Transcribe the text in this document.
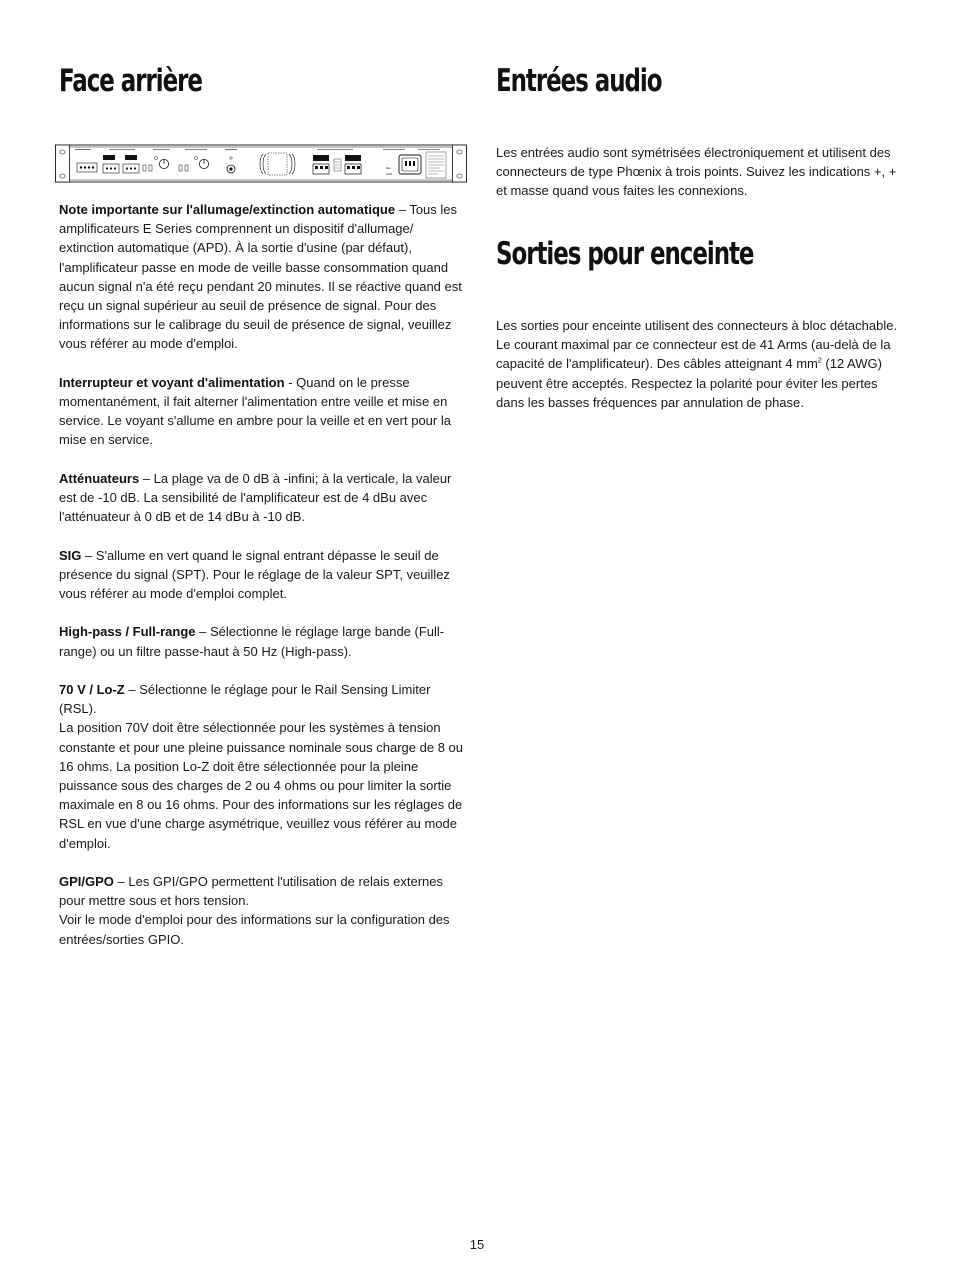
Face arrière
Rev.
Volts

Note importante sur l'allumage/extinction automatique – Tous les amplificateurs E Series comprennent un dispositif d'allumage/ extinction automatique (APD). À la sortie d'usine (par défaut), l'amplificateur passe en mode de veille basse consommation quand aucun signal n'a été reçu pendant 20 minutes. Il se réactive quand est reçu un signal supérieur au seuil de présence de signal. Pour des informations sur le calibrage du seuil de présence de signal, veuillez vous référer au mode d'emploi.

Interrupteur et voyant d'alimentation - Quand on le presse momentanément, il fait alterner l'alimentation entre veille et mise en service. Le voyant s'allume en ambre pour la veille et en vert pour la mise en service.

Atténuateurs – La plage va de 0 dB à -infini; à la verticale, la valeur est de -10 dB. La sensibilité de l'amplificateur est de 4 dBu avec l'atténuateur à 0 dB et de 14 dBu à -10 dB.

SIG – S'allume en vert quand le signal entrant dépasse le seuil de présence du signal (SPT). Pour le réglage de la valeur SPT, veuillez vous référer au mode d'emploi complet.

High-pass / Full-range – Sélectionne le réglage large bande (Full-range) ou un filtre passe-haut à 50 Hz (High-pass).

70 V / Lo-Z – Sélectionne le réglage pour le Rail Sensing Limiter (RSL).
La position 70V doit être sélectionnée pour les systèmes à tension constante et pour une pleine puissance nominale sous charge de 8 ou 16 ohms. La position Lo-Z doit être sélectionnée pour la pleine puissance sous des charges de 2 ou 4 ohms ou pour limiter la sortie maximale en 8 ou 16 ohms. Pour des informations sur les réglages de RSL en vue d'une charge asymétrique, veuillez vous référer au mode d'emploi.

GPI/GPO – Les GPI/GPO permettent l'utilisation de relais externes pour mettre sous et hors tension.
Voir le mode d'emploi pour des informations sur la configuration des entrées/sorties GPIO.

Entrées audio

Les entrées audio sont symétrisées électroniquement et utilisent des connecteurs de type Phœnix à trois points. Suivez les indications +, + et masse quand vous faites les connexions.

Sorties pour enceinte

Les sorties pour enceinte utilisent des connecteurs à bloc détachable.
Le courant maximal par ce connecteur est de 41 Arms (au-delà de la capacité de l'amplificateur). Des câbles atteignant 4 $mm^2$ (12 AWG) peuvent être acceptés. Respectez la polarité pour éviter les pertes dans les basses fréquences par annulation de phase.

15
